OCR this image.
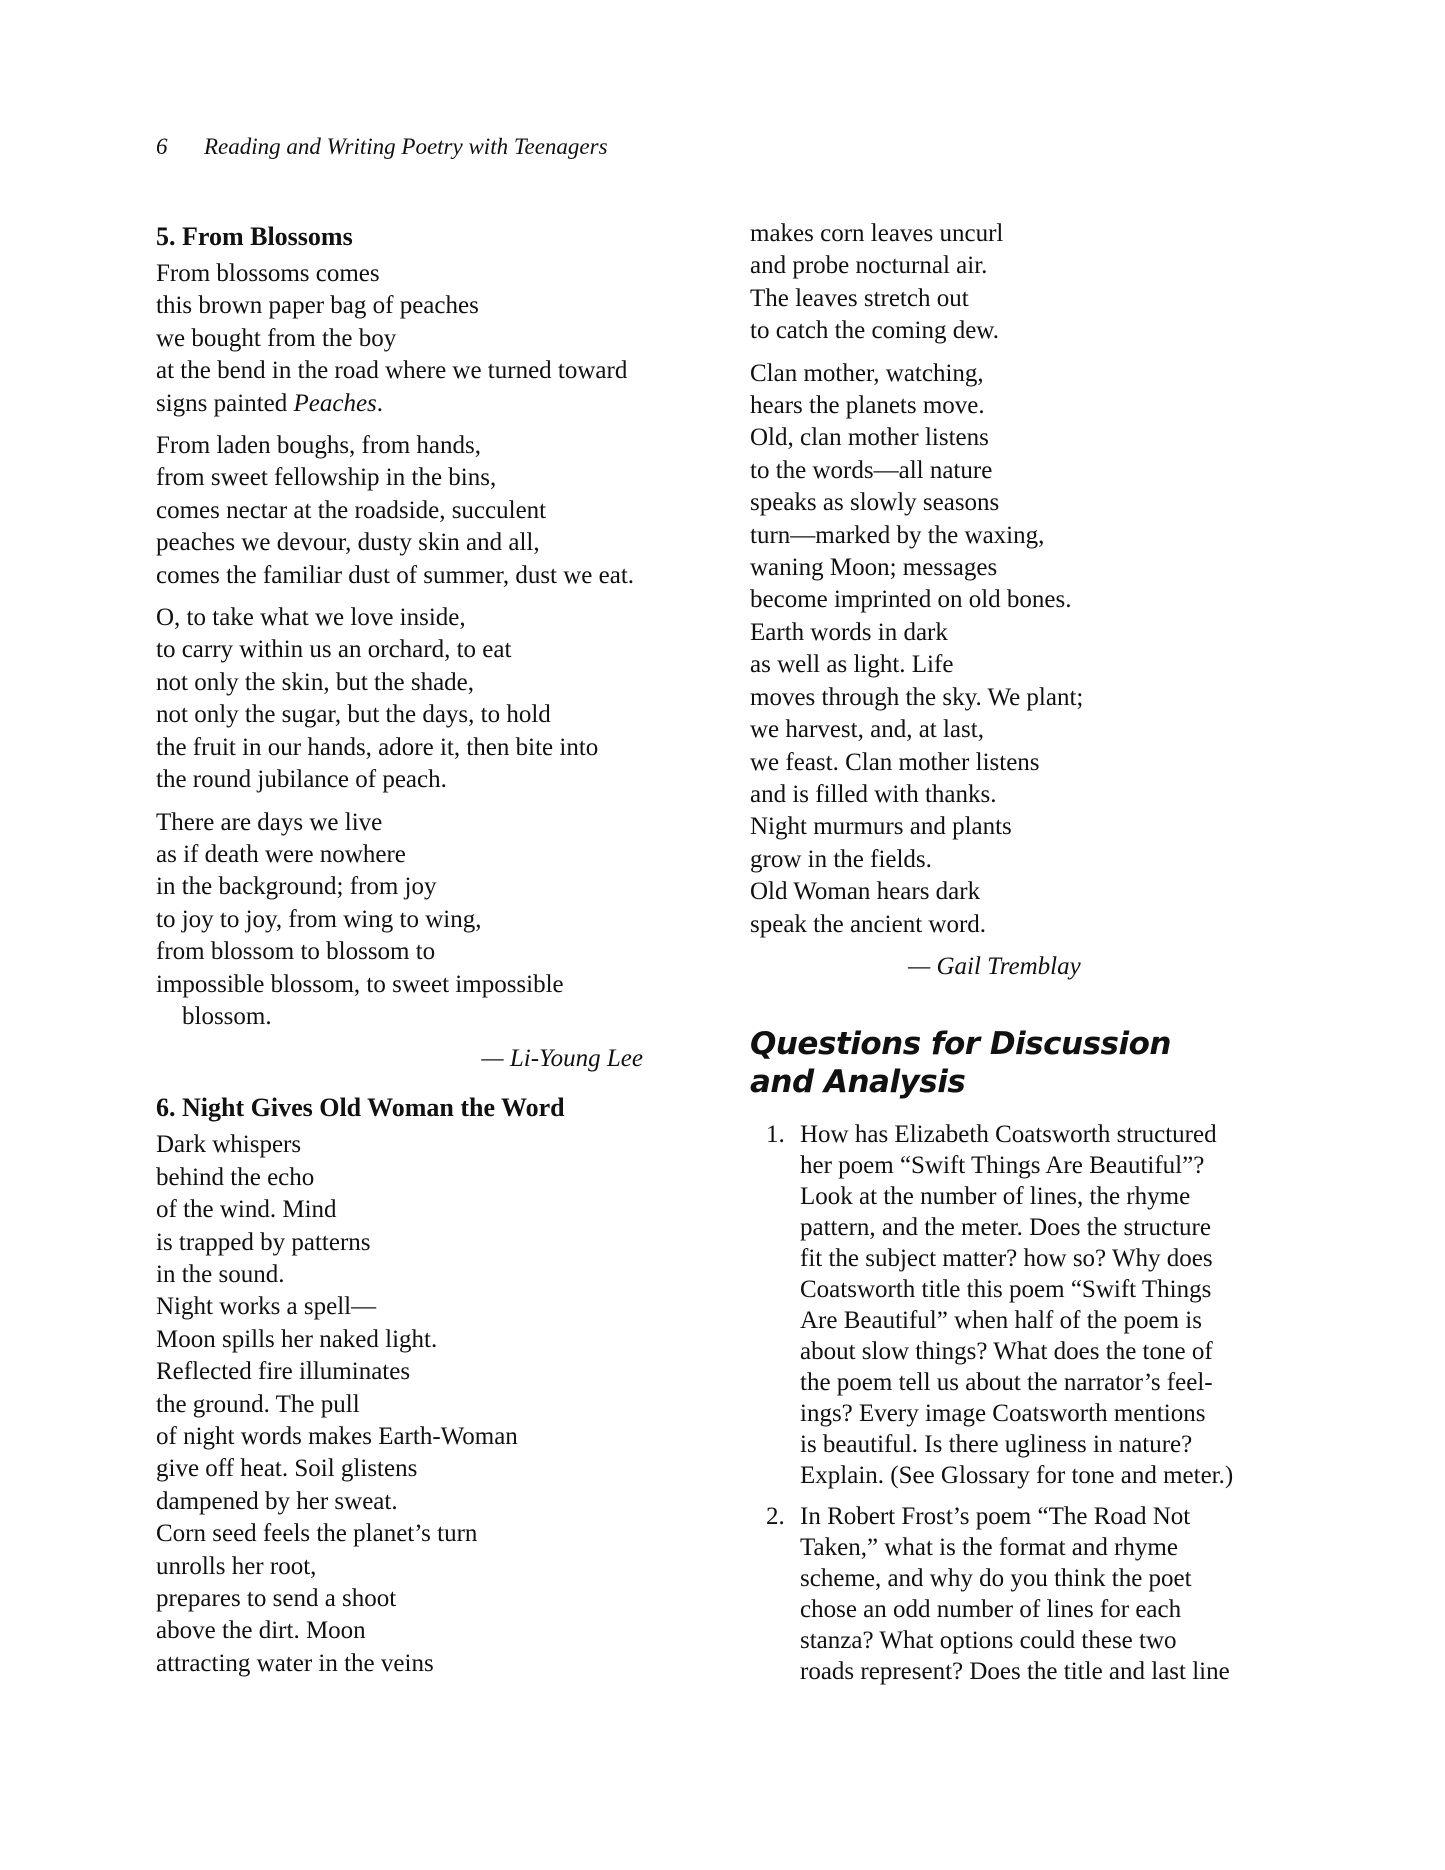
6 Reading and Writing Poetry with Teenagers
5. From Blossoms
From blossoms comes
this brown paper bag of peaches
we bought from the boy
at the bend in the road where we turned toward
signs painted Peaches.
From laden boughs, from hands,
from sweet fellowship in the bins,
comes nectar at the roadside, succulent
peaches we devour, dusty skin and all,
comes the familiar dust of summer, dust we eat.
O, to take what we love inside,
to carry within us an orchard, to eat
not only the skin, but the shade,
not only the sugar, but the days, to hold
the fruit in our hands, adore it, then bite into
the round jubilance of peach.
There are days we live
as if death were nowhere
in the background; from joy
to joy to joy, from wing to wing,
from blossom to blossom to
impossible blossom, to sweet impossible
blossom.
— Li-Young Lee
6. Night Gives Old Woman the Word
Dark whispers
behind the echo
of the wind. Mind
is trapped by patterns
in the sound.
Night works a spell—
Moon spills her naked light.
Reflected fire illuminates
the ground. The pull
of night words makes Earth-Woman
give off heat. Soil glistens
dampened by her sweat.
Corn seed feels the planet’s turn
unrolls her root,
prepares to send a shoot
above the dirt. Moon
attracting water in the veins
makes corn leaves uncurl
and probe nocturnal air.
The leaves stretch out
to catch the coming dew.
Clan mother, watching,
hears the planets move.
Old, clan mother listens
to the words—all nature
speaks as slowly seasons
turn—marked by the waxing,
waning Moon; messages
become imprinted on old bones.
Earth words in dark
as well as light. Life
moves through the sky. We plant;
we harvest, and, at last,
we feast. Clan mother listens
and is filled with thanks.
Night murmurs and plants
grow in the fields.
Old Woman hears dark
speak the ancient word.
— Gail Tremblay
Questions for Discussion
and Analysis
1. How has Elizabeth Coatsworth structured
her poem “Swift Things Are Beautiful”?
Look at the number of lines, the rhyme
pattern, and the meter. Does the structure
fit the subject matter? how so? Why does
Coatsworth title this poem “Swift Things
Are Beautiful” when half of the poem is
about slow things? What does the tone of
the poem tell us about the narrator’s feel-
ings? Every image Coatsworth mentions
is beautiful. Is there ugliness in nature?
Explain. (See Glossary for tone and meter.)
2. In Robert Frost’s poem “The Road Not
Taken,” what is the format and rhyme
scheme, and why do you think the poet
chose an odd number of lines for each
stanza? What options could these two
roads represent? Does the title and last line
